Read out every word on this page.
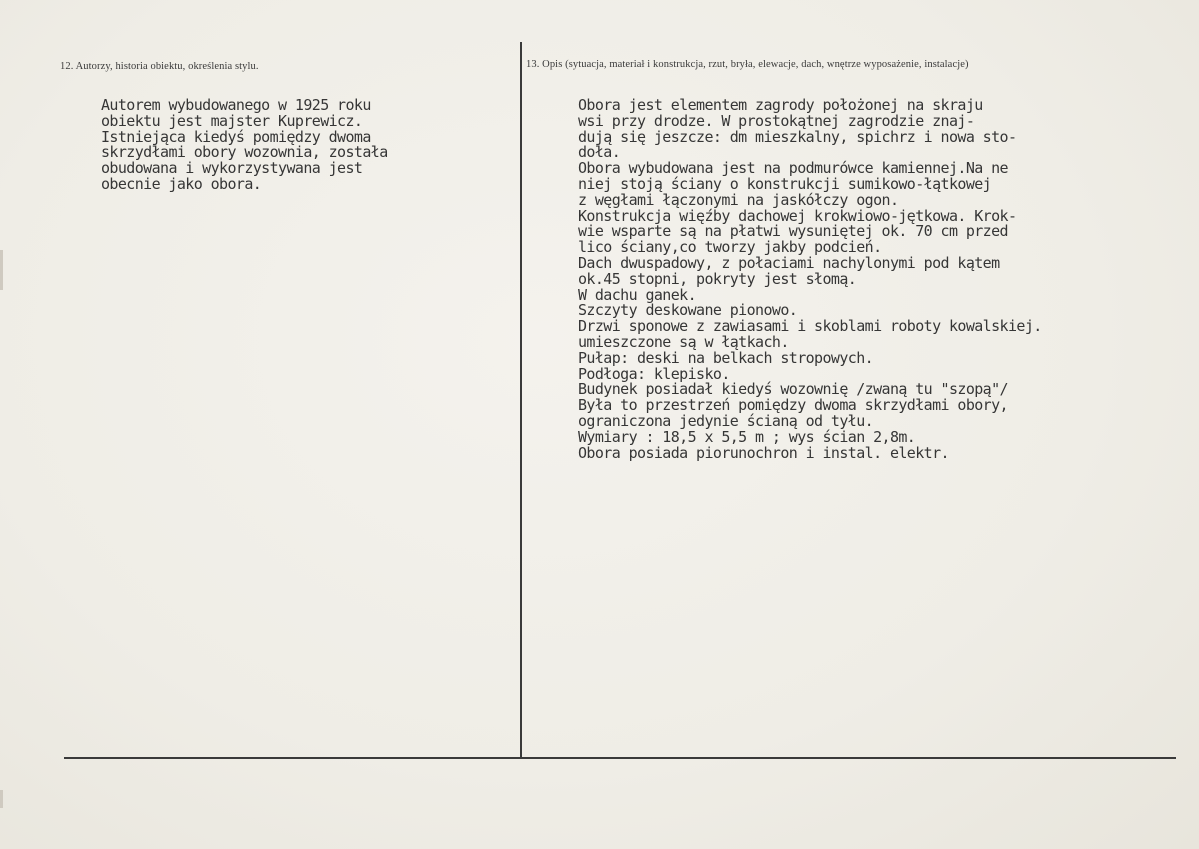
12. Autorzy, historia obiektu, określenia stylu.	13. Opis (sytuacja, materiał i konstrukcja, rzut, bryła, elewacje, dach, wnętrze wyposażenie, instalacje)
Autorem wybudowanego w 1925 roku
obiektu jest majster Kuprewicz.
Istniejąca kiedyś pomiędzy dwoma
skrzydłami obory wozownia, została
obudowana i wykorzystywana jest
obecnie jako obora.
Obora jest elementem zagrody położonej na skraju
wsi przy drodze. W prostokątnej zagrodzie znaj-
dują się jeszcze: dm mieszkalny, spichrz i nowa sto-
doła.
Obora wybudowana jest na podmurówce kamiennej.Na ne
niej stoją ściany o konstrukcji sumikowo-łątkowej
z węgłami łączonymi na jaskółczy ogon.
Konstrukcja więźby dachowej krokwiowo-jętkowa. Krok-
wie wsparte są na płatwi wysuniętej ok. 70 cm przed
lico ściany,co tworzy jakby podcień.
Dach dwuspadowy, z połaciami nachylonymi pod kątem
ok.45 stopni, pokryty jest słomą.
W dachu ganek.
Szczyty deskowane pionowo.
Drzwi sponowe z zawiasami i skoblami roboty kowalskiej.
umieszczone są w łątkach.
Pułap: deski na belkach stropowych.
Podłoga: klepisko.
Budynek posiadał kiedyś wozownię /zwaną tu "szopą"/
Była to przestrzeń pomiędzy dwoma skrzydłami obory,
ograniczona jedynie ścianą od tyłu.
Wymiary : 18,5 x 5,5 m ; wys ścian 2,8m.
Obora posiada piorunochron i instal. elektr.
